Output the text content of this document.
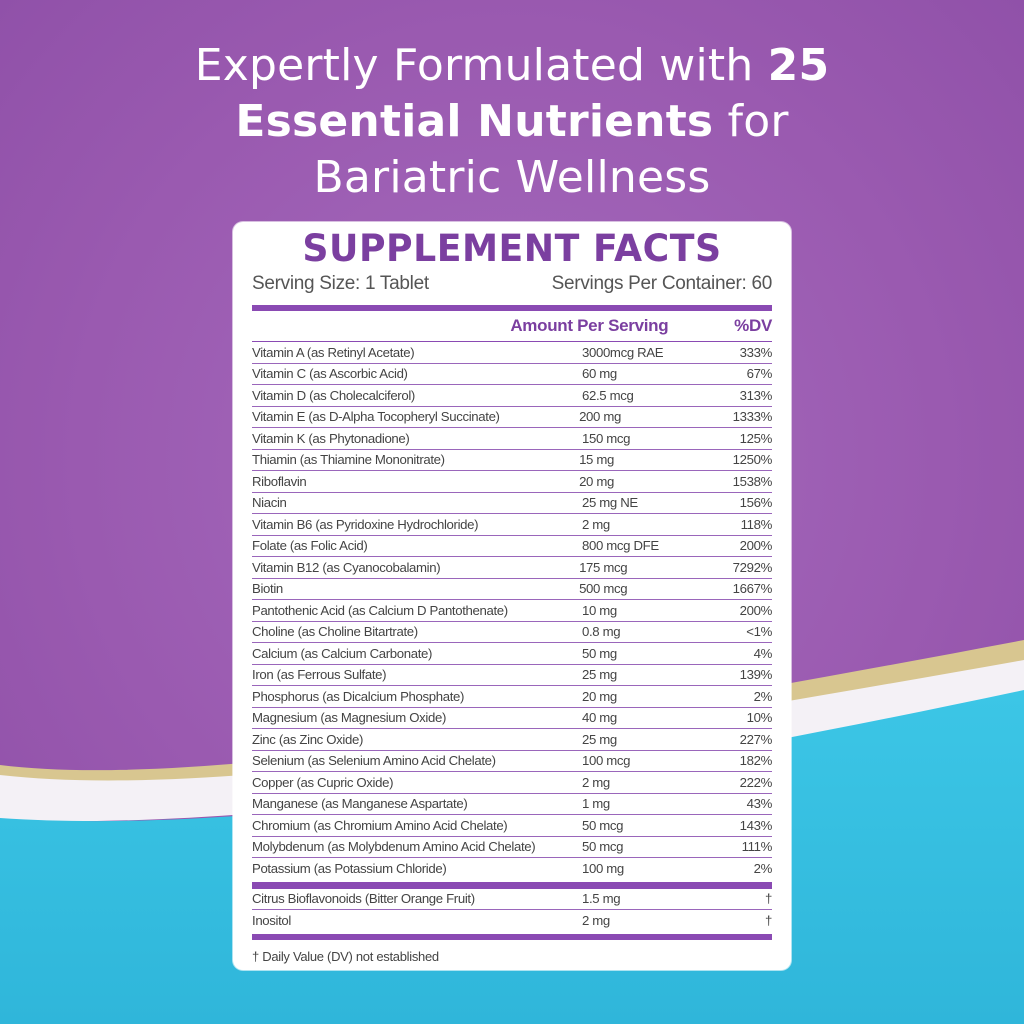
Expertly Formulated with 25
Essential Nutrients for
Bariatric Wellness
SUPPLEMENT FACTS
Serving Size: 1 Tablet	Servings Per Container: 60
Amount Per Serving	%DV
Vitamin A (as Retinyl Acetate)	3000mcg RAE	333%
Vitamin C (as Ascorbic Acid)	60 mg	67%
Vitamin D (as Cholecalciferol)	62.5 mcg	313%
Vitamin E (as D-Alpha Tocopheryl Succinate)	200 mg	1333%
Vitamin K (as Phytonadione)	150 mcg	125%
Thiamin (as Thiamine Mononitrate)	15 mg	1250%
Riboflavin	20 mg	1538%
Niacin	25 mg NE	156%
Vitamin B6 (as Pyridoxine Hydrochloride)	2 mg	118%
Folate (as Folic Acid)	800 mcg DFE	200%
Vitamin B12 (as Cyanocobalamin)	175 mcg	7292%
Biotin	500 mcg	1667%
Pantothenic Acid (as Calcium D Pantothenate)	10 mg	200%
Choline (as Choline Bitartrate)	0.8 mg	<1%
Calcium (as Calcium Carbonate)	50 mg	4%
Iron (as Ferrous Sulfate)	25 mg	139%
Phosphorus (as Dicalcium Phosphate)	20 mg	2%
Magnesium (as Magnesium Oxide)	40 mg	10%
Zinc (as Zinc Oxide)	25 mg	227%
Selenium (as Selenium Amino Acid Chelate)	100 mcg	182%
Copper (as Cupric Oxide)	2 mg	222%
Manganese (as Manganese Aspartate)	1 mg	43%
Chromium (as Chromium Amino Acid Chelate)	50 mcg	143%
Molybdenum (as Molybdenum Amino Acid Chelate)	50 mcg	111%
Potassium (as Potassium Chloride)	100 mg	2%
Citrus Bioflavonoids (Bitter Orange Fruit)	1.5 mg	†
Inositol	2 mg	†
† Daily Value (DV) not established
